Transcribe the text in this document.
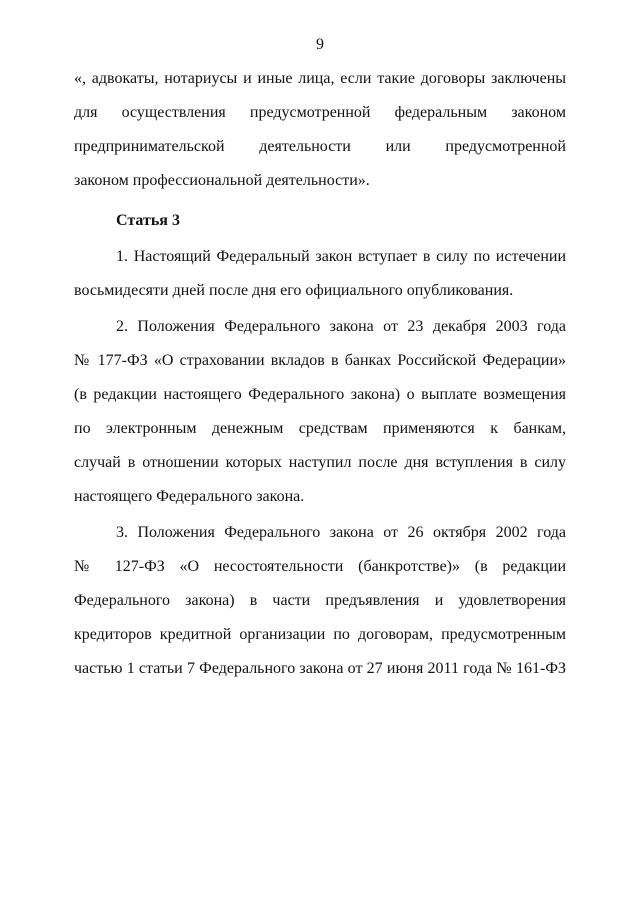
9
«, адвокаты, нотариусы и иные лица, если такие договоры заключены
для осуществления предусмотренной федеральным законом
предпринимательской деятельности или предусмотренной
законом профессиональной деятельности».
Статья 3
1. Настоящий Федеральный закон вступает в силу по истечении
восьмидесяти дней после дня его официального опубликования.
2. Положения Федерального закона от 23 декабря 2003 года
№ 177-ФЗ «О страховании вкладов в банках Российской Федерации»
(в редакции настоящего Федерального закона) о выплате возмещения
по электронным денежным средствам применяются к банкам,
случай в отношении которых наступил после дня вступления в силу
настоящего Федерального закона.
3. Положения Федерального закона от 26 октября 2002 года
№ 127-ФЗ «О несостоятельности (банкротстве)» (в редакции
Федерального закона) в части предъявления и удовлетворения
кредиторов кредитной организации по договорам, предусмотренным
частью 1 статьи 7 Федерального закона от 27 июня 2011 года № 161-ФЗ
